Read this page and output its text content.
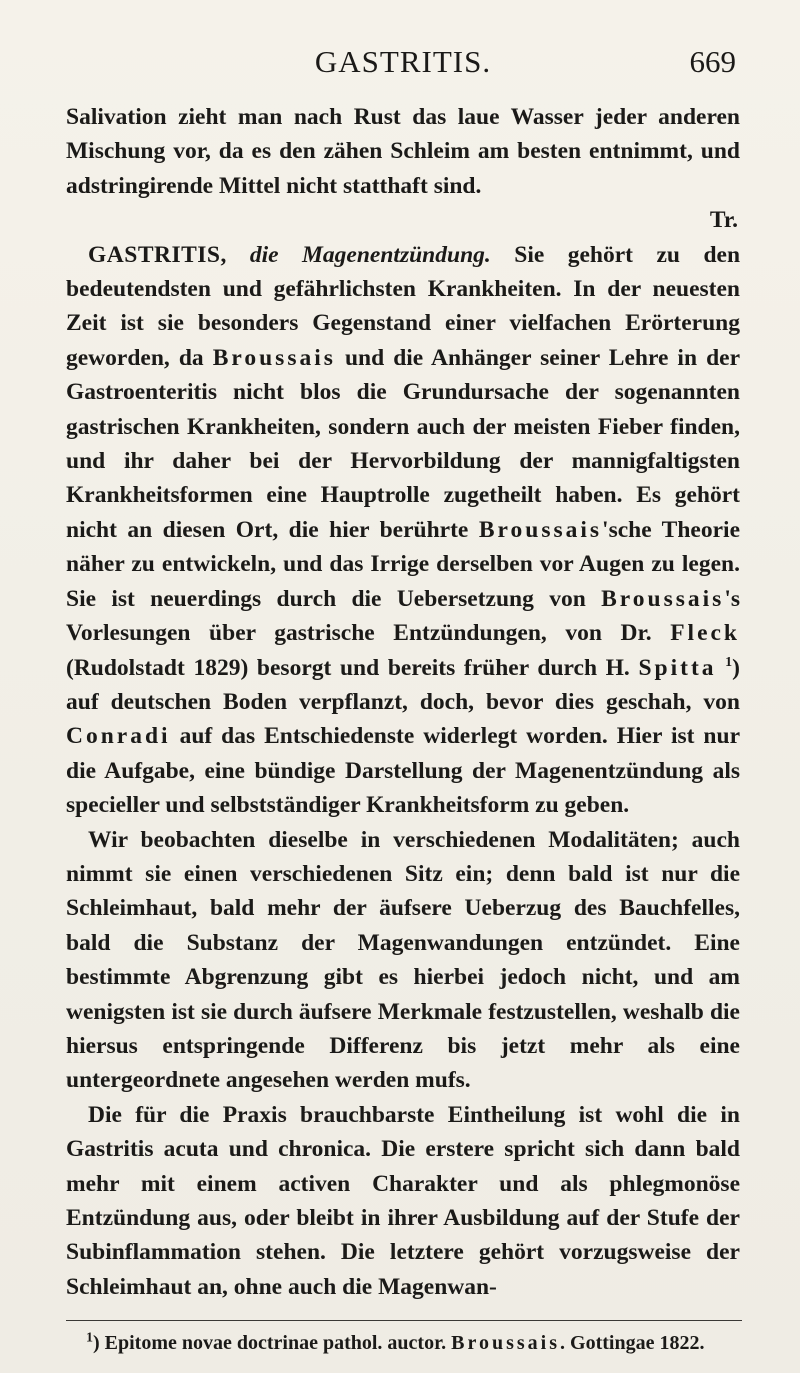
GASTRITIS.	669

Salivation zieht man nach Rust das laue Wasser jeder anderen Mischung vor, da es den zähen Schleim am besten entnimmt, und adstringirende Mittel nicht statthaft sind.

Tr.

GASTRITIS, die Magenentzündung. Sie gehört zu den bedeutendsten und gefährlichsten Krankheiten. In der neuesten Zeit ist sie besonders Gegenstand einer vielfachen Erörterung geworden, da Broussais und die Anhänger seiner Lehre in der Gastroenteritis nicht blos die Grundursache der sogenannten gastrischen Krankheiten, sondern auch der meisten Fieber finden, und ihr daher bei der Hervorbildung der mannigfaltigsten Krankheitsformen eine Hauptrolle zugetheilt haben. Es gehört nicht an diesen Ort, die hier berührte Broussais'sche Theorie näher zu entwickeln, und das Irrige derselben vor Augen zu legen. Sie ist neuerdings durch die Uebersetzung von Broussais's Vorlesungen über gastrische Entzündungen, von Dr. Fleck (Rudolstadt 1829) besorgt und bereits früher durch H. Spitta $^1$) auf deutschen Boden verpflanzt, doch, bevor dies geschah, von Conradi auf das Entschiedenste widerlegt worden. Hier ist nur die Aufgabe, eine bündige Darstellung der Magenentzündung als specieller und selbstständiger Krankheitsform zu geben.

Wir beobachten dieselbe in verschiedenen Modalitäten; auch nimmt sie einen verschiedenen Sitz ein; denn bald ist nur die Schleimhaut, bald mehr der äufsere Ueberzug des Bauchfelles, bald die Substanz der Magenwandungen entzündet. Eine bestimmte Abgrenzung gibt es hierbei jedoch nicht, und am wenigsten ist sie durch äufsere Merkmale festzustellen, weshalb die hiersus entspringende Differenz bis jetzt mehr als eine untergeordnete angesehen werden mufs.

Die für die Praxis brauchbarste Eintheilung ist wohl die in Gastritis acuta und chronica. Die erstere spricht sich dann bald mehr mit einem activen Charakter und als phlegmonöse Entzündung aus, oder bleibt in ihrer Ausbildung auf der Stufe der Subinflammation stehen. Die letztere gehört vorzugsweise der Schleimhaut an, ohne auch die Magenwan-

$^1$) Epitome novae doctrinae pathol. auctor. Broussais. Gottingae 1822.
